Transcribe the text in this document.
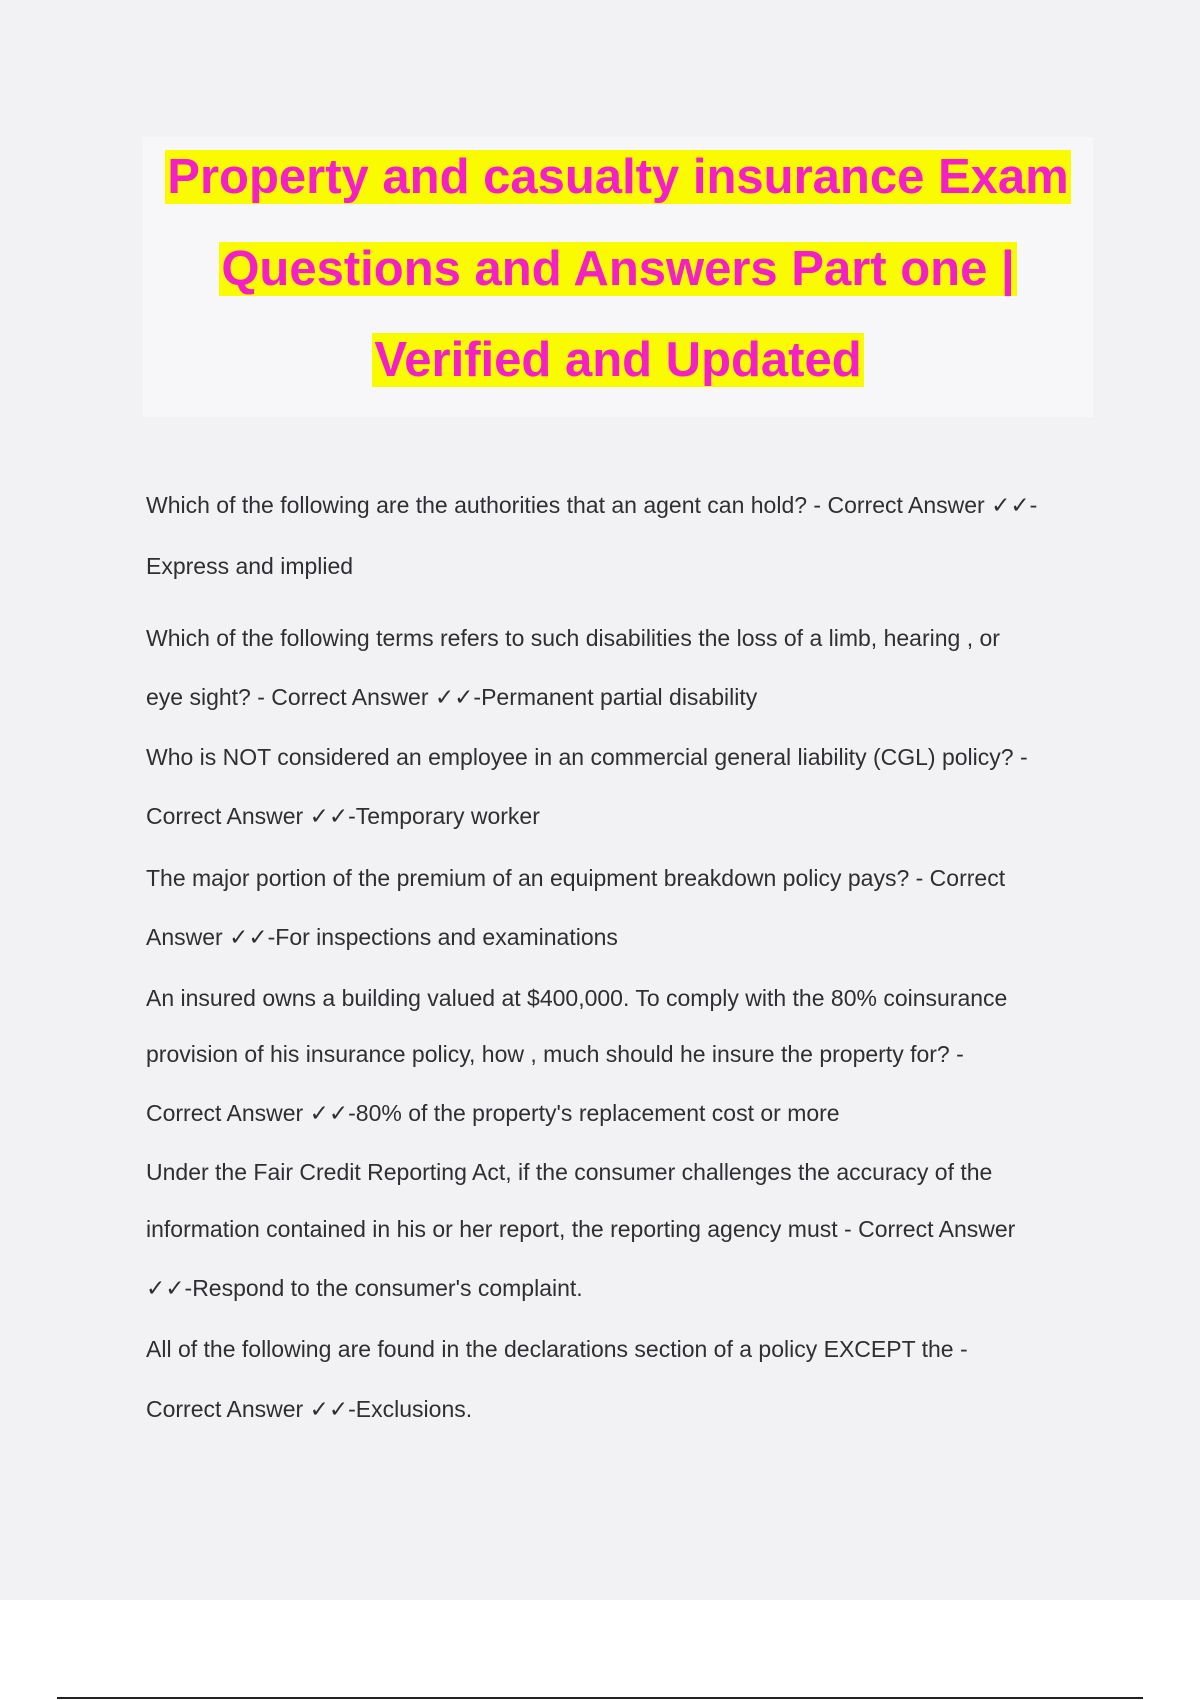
Property and casualty insurance Exam
Questions and Answers Part one |
Verified and Updated
Which of the following are the authorities that an agent can hold? - Correct Answer ✓✓-
Express and implied
Which of the following terms refers to such disabilities the loss of a limb, hearing , or
eye sight? - Correct Answer ✓✓-Permanent partial disability
Who is NOT considered an employee in an commercial general liability (CGL) policy? -
Correct Answer ✓✓-Temporary worker
The major portion of the premium of an equipment breakdown policy pays? - Correct
Answer ✓✓-For inspections and examinations
An insured owns a building valued at $400,000. To comply with the 80% coinsurance
provision of his insurance policy, how , much should he insure the property for? -
Correct Answer ✓✓-80% of the property's replacement cost or more
Under the Fair Credit Reporting Act, if the consumer challenges the accuracy of the
information contained in his or her report, the reporting agency must - Correct Answer
✓✓-Respond to the consumer's complaint.
All of the following are found in the declarations section of a policy EXCEPT the -
Correct Answer ✓✓-Exclusions.
